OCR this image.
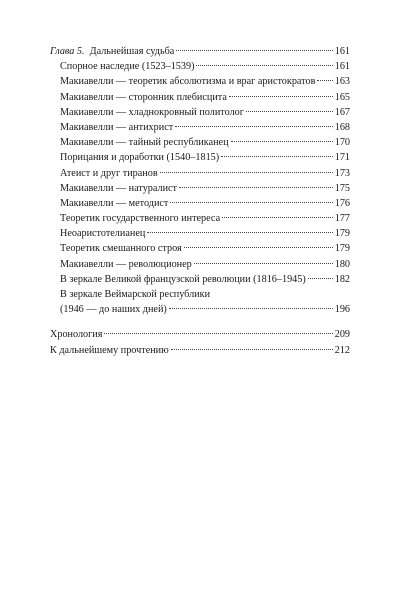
Глава 5. Дальнейшая судьба	161
Спорное наследие (1523–1539)	161
Макиавелли — теоретик абсолютизма и враг аристократов 163
Макиавелли — сторонник плебисцита	165
Макиавелли — хладнокровный политолог	167
Макиавелли — антихрист	168
Макиавелли — тайный республиканец	170
Порицания и доработки (1540–1815)	171
Атеист и друг тиранов	173
Макиавелли — натуралист	175
Макиавелли — методист	176
Теоретик государственного интереса	177
Неоаристотелианец	179
Теоретик смешанного строя	179
Макиавелли — революционер	180
В зеркале Великой французской революции (1816–1945)	182
В зеркале Веймарской республики
(1946 — до наших дней)	196
Хронология	209
К дальнейшему прочтению	212
